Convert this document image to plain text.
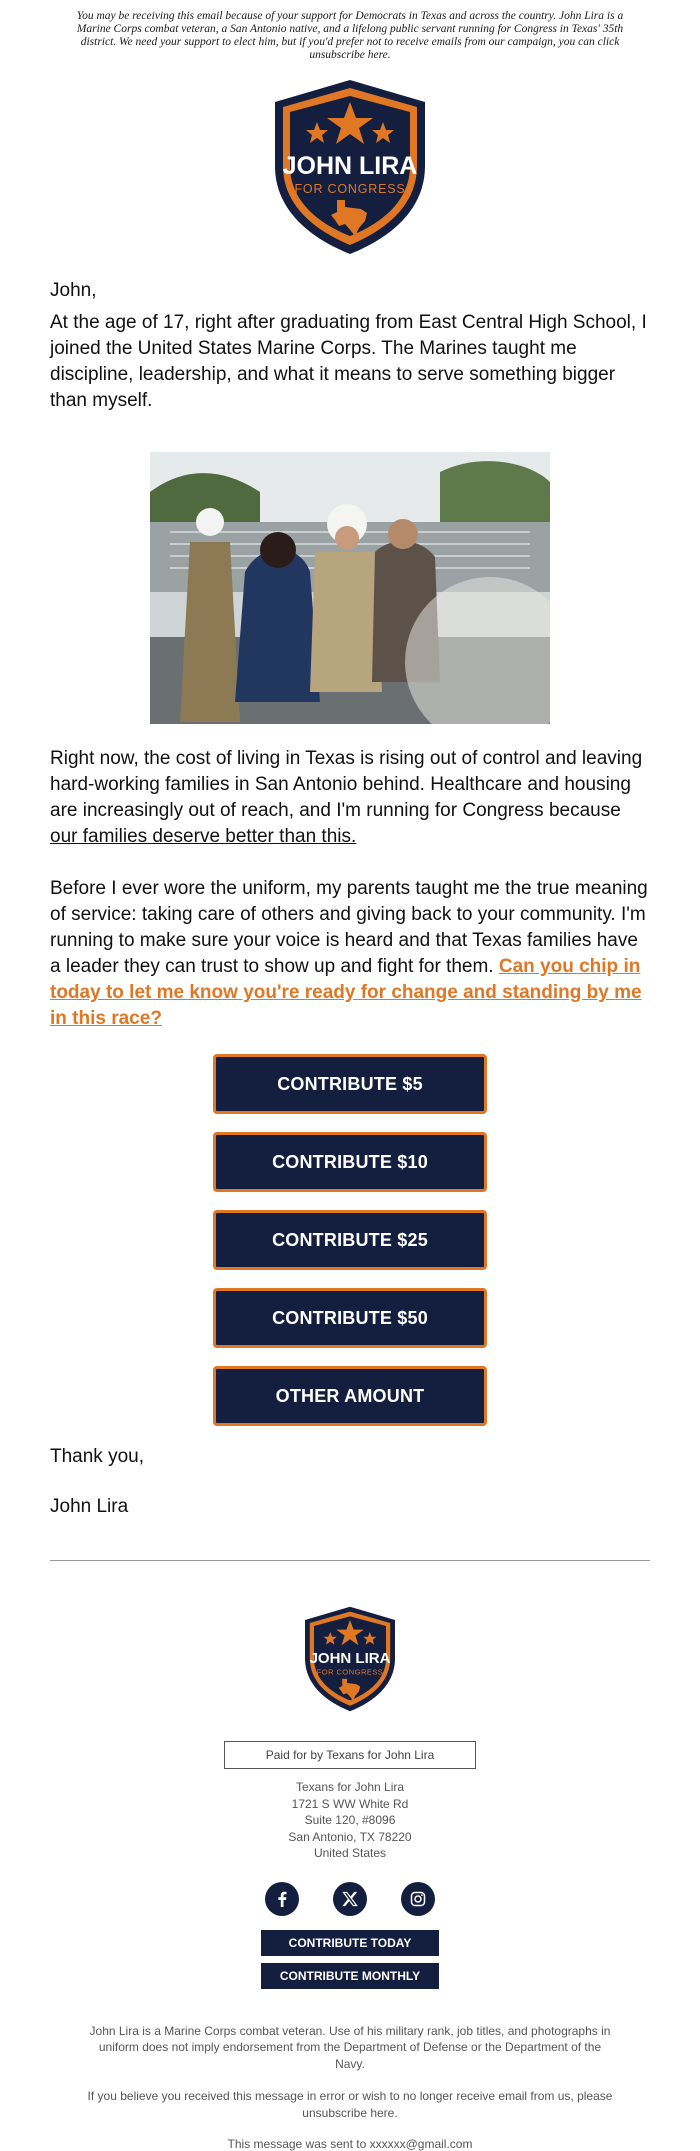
You may be receiving this email because of your support for Democrats in Texas and across the country. John Lira is a Marine Corps combat veteran, a San Antonio native, and a lifelong public servant running for Congress in Texas' 35th district. We need your support to elect him, but if you'd prefer not to receive emails from our campaign, you can click unsubscribe here.
JOHN LIRA
FOR CONGRESS
John,
At the age of 17, right after graduating from East Central High School, I joined the United States Marine Corps. The Marines taught me discipline, leadership, and what it means to serve something bigger than myself.
Right now, the cost of living in Texas is rising out of control and leaving hard-working families in San Antonio behind. Healthcare and housing are increasingly out of reach, and I'm running for Congress because our families deserve better than this.
Before I ever wore the uniform, my parents taught me the true meaning of service: taking care of others and giving back to your community. I'm running to make sure your voice is heard and that Texas families have a leader they can trust to show up and fight for them. Can you chip in today to let me know you're ready for change and standing by me in this race?
CONTRIBUTE $5
CONTRIBUTE $10
CONTRIBUTE $25
CONTRIBUTE $50
OTHER AMOUNT
Thank you,
John Lira
JOHN LIRA
FOR CONGRESS
Paid for by Texans for John Lira
Texans for John Lira
1721 S WW White Rd
Suite 120, #8096
San Antonio, TX 78220
United States
CONTRIBUTE TODAY
CONTRIBUTE MONTHLY
John Lira is a Marine Corps combat veteran. Use of his military rank, job titles, and photographs in uniform does not imply endorsement from the Department of Defense or the Department of the Navy.
If you believe you received this message in error or wish to no longer receive email from us, please unsubscribe here.
This message was sent to xxxxxx@gmail.com
